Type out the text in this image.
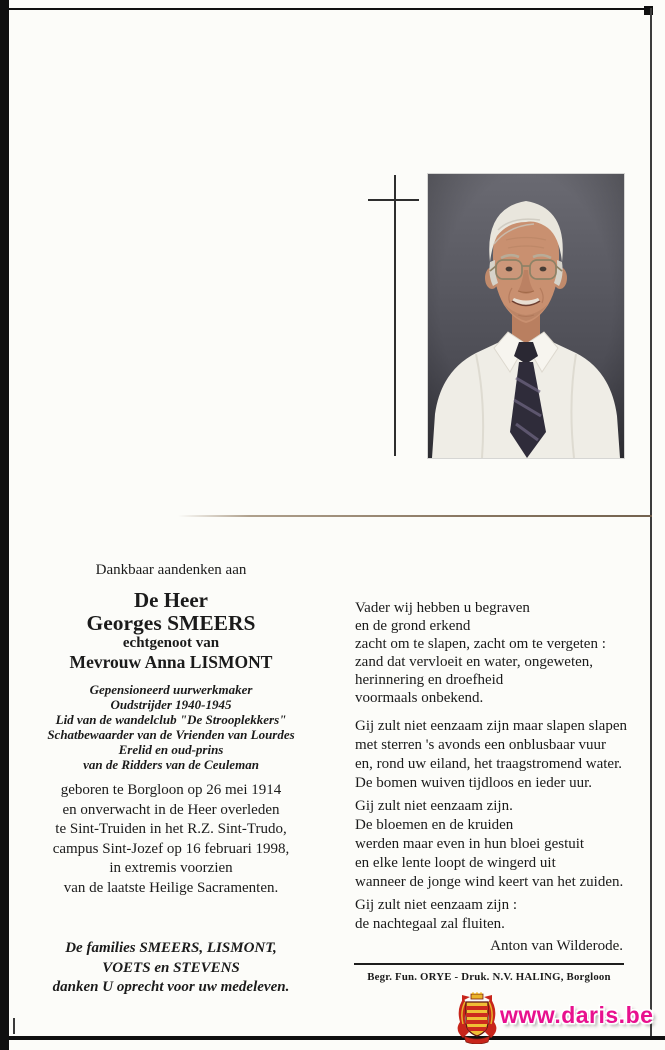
Dankbaar aandenken aan
De Heer
Georges SMEERS
echtgenoot van
Mevrouw Anna LISMONT
Gepensioneerd uurwerkmaker
Oudstrijder 1940-1945
Lid van de wandelclub "De Strooplekkers"
Schatbewaarder van de Vrienden van Lourdes
Erelid en oud-prins
van de Ridders van de Ceuleman
geboren te Borgloon op 26 mei 1914
en onverwacht in de Heer overleden
te Sint-Truiden in het R.Z. Sint-Trudo,
campus Sint-Jozef op 16 februari 1998,
in extremis voorzien
van de laatste Heilige Sacramenten.
De families SMEERS, LISMONT,
VOETS en STEVENS
danken U oprecht voor uw medeleven.
Vader wij hebben u begraven
en de grond erkend
zacht om te slapen, zacht om te vergeten :
zand dat vervloeit en water, ongeweten,
herinnering en droefheid
voormaals onbekend.
Gij zult niet eenzaam zijn maar slapen slapen
met sterren 's avonds een onblusbaar vuur
en, rond uw eiland, het traagstromend water.
De bomen wuiven tijdloos en ieder uur.
Gij zult niet eenzaam zijn.
De bloemen en de kruiden
werden maar even in hun bloei gestuit
en elke lente loopt de wingerd uit
wanneer de jonge wind keert van het zuiden.
Gij zult niet eenzaam zijn :
de nachtegaal zal fluiten.
Anton van Wilderode.
Begr. Fun. ORYE - Druk. N.V. HALING, Borgloon
www.daris.be
